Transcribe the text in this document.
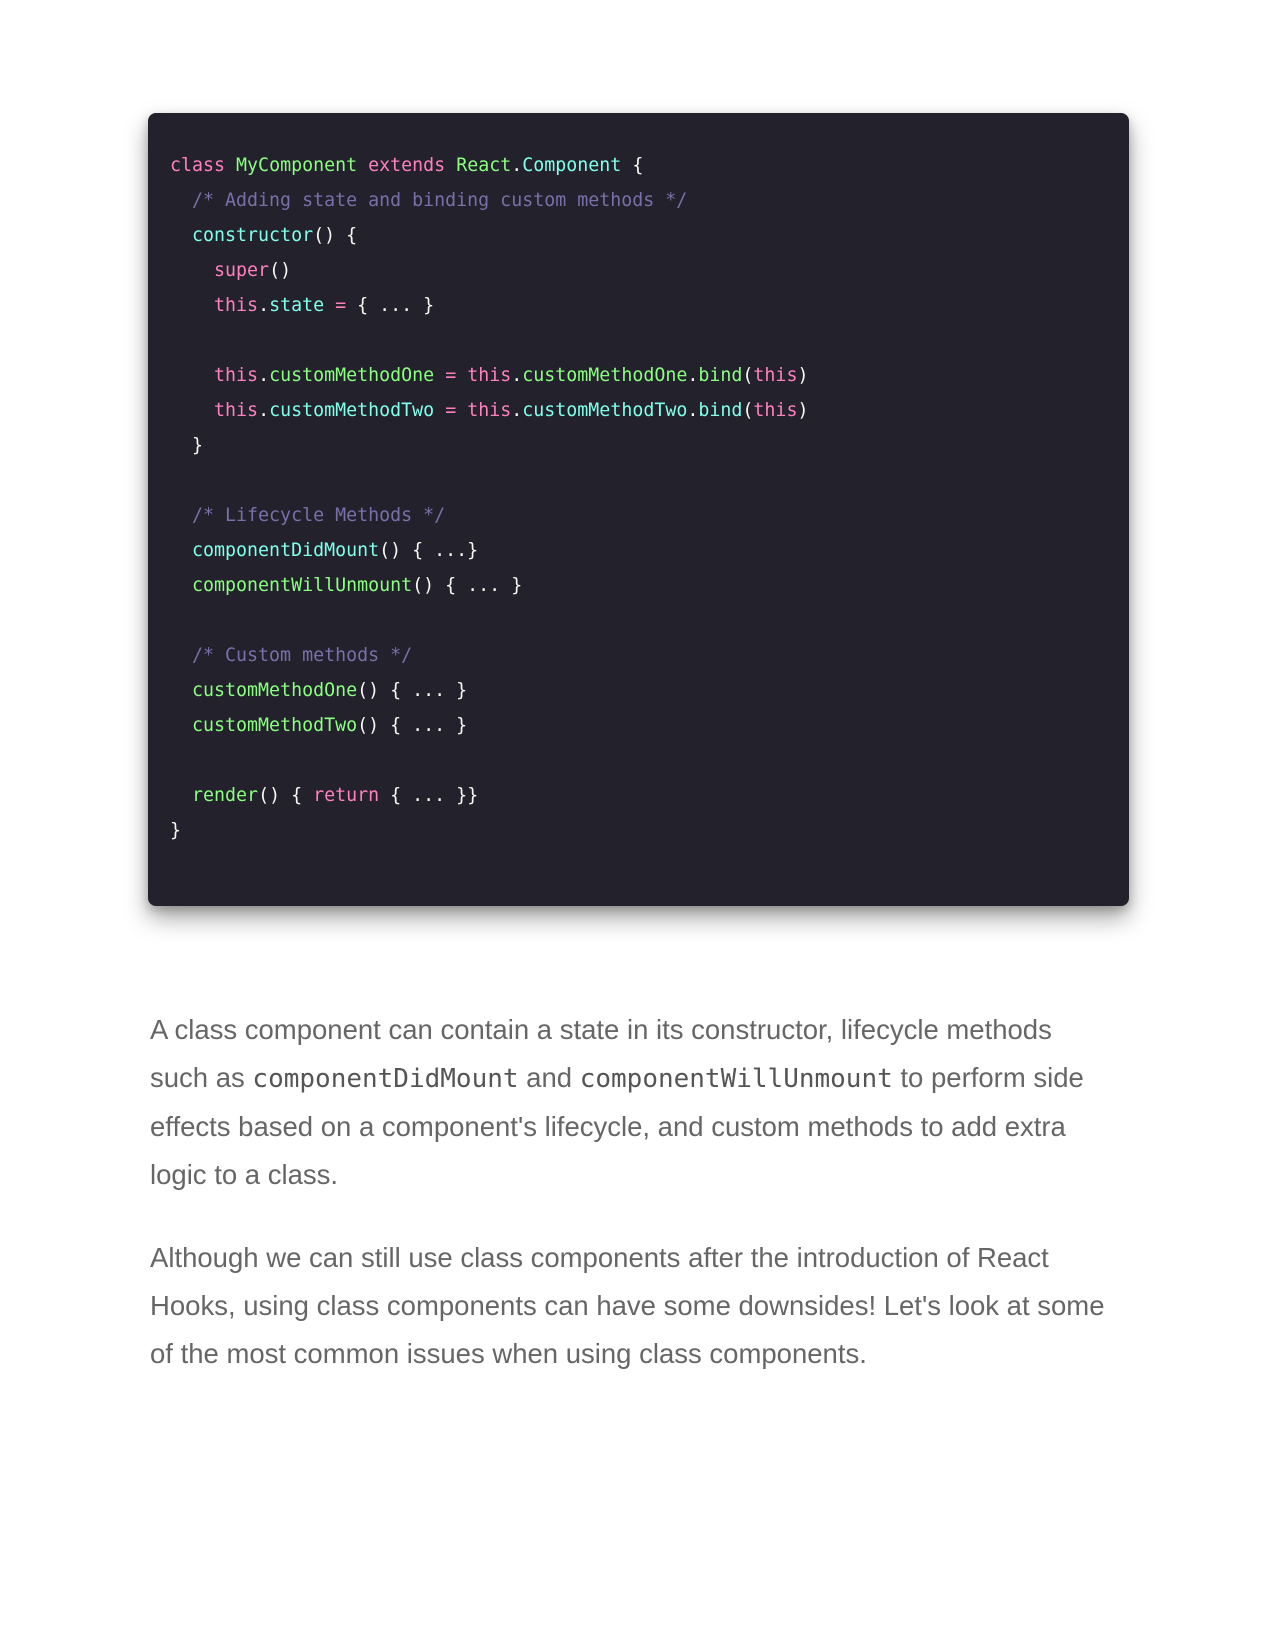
class MyComponent extends React.Component {
/* Adding state and binding custom methods */
constructor() {
super()
this.state = { ... }
this.customMethodOne = this.customMethodOne.bind(this)
this.customMethodTwo = this.customMethodTwo.bind(this)
}
/* Lifecycle Methods */
componentDidMount() { ...}
componentWillUnmount() { ... }
/* Custom methods */
customMethodOne() { ... }
customMethodTwo() { ... }
render() { return { ... }}
}

A class component can contain a state in its constructor, lifecycle methods such as componentDidMount and componentWillUnmount to perform side effects based on a component's lifecycle, and custom methods to add extra logic to a class.

Although we can still use class components after the introduction of React Hooks, using class components can have some downsides! Let's look at some of the most common issues when using class components.
